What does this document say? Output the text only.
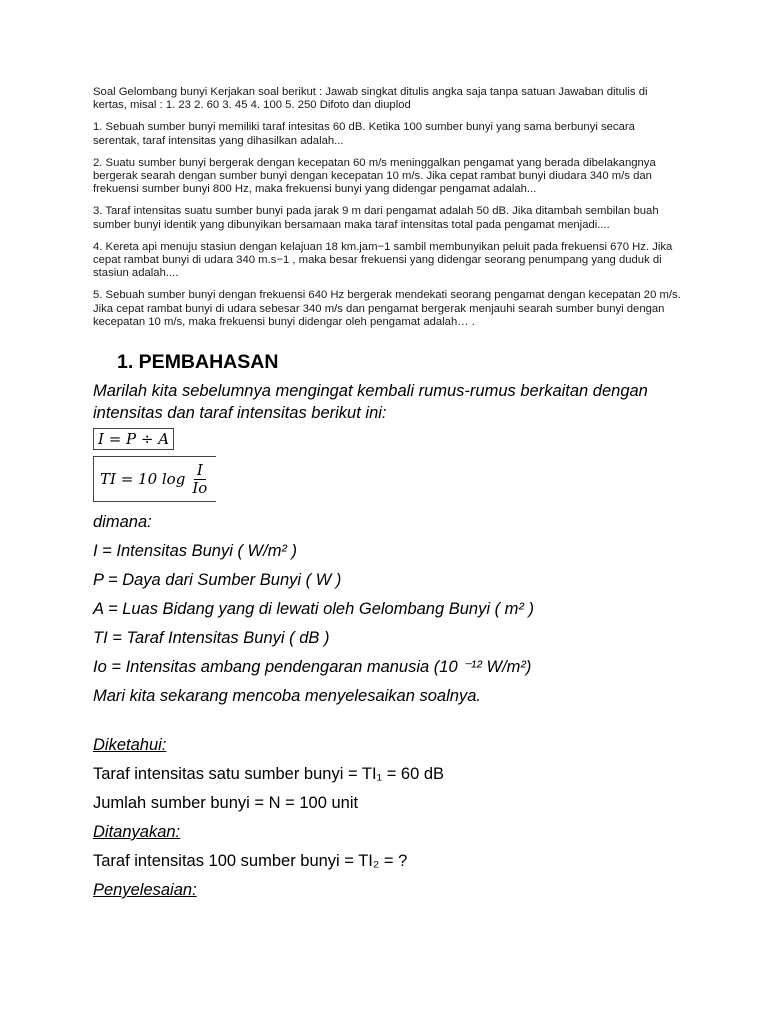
Soal Gelombang bunyi Kerjakan soal berikut : Jawab singkat ditulis angka saja tanpa satuan Jawaban ditulis di kertas, misal : 1. 23 2. 60 3. 45 4. 100 5. 250 Difoto dan diuplod

1. Sebuah sumber bunyi memiliki taraf intesitas 60 dB. Ketika 100 sumber bunyi yang sama berbunyi secara serentak, taraf intensitas yang dihasilkan adalah...

2. Suatu sumber bunyi bergerak dengan kecepatan 60 m/s meninggalkan pengamat yang berada dibelakangnya bergerak searah dengan sumber bunyi dengan kecepatan 10 m/s. Jika cepat rambat bunyi diudara 340 m/s dan frekuensi sumber bunyi 800 Hz, maka frekuensi bunyi yang didengar pengamat adalah...

3. Taraf intensitas suatu sumber bunyi pada jarak 9 m dari pengamat adalah 50 dB. Jika ditambah sembilan buah sumber bunyi identik yang dibunyikan bersamaan maka taraf intensitas total pada pengamat menjadi....

4. Kereta api menuju stasiun dengan kelajuan 18 km.jam−1 sambil membunyikan peluit pada frekuensi 670 Hz. Jika cepat rambat bunyi di udara 340 m.s−1 , maka besar frekuensi yang didengar seorang penumpang yang duduk di stasiun adalah....

5. Sebuah sumber bunyi dengan frekuensi 640 Hz bergerak mendekati seorang pengamat dengan kecepatan 20 m/s. Jika cepat rambat bunyi di udara sebesar 340 m/s dan pengamat bergerak menjauhi searah sumber bunyi dengan kecepatan 10 m/s, maka frekuensi bunyi didengar oleh pengamat adalah… .

1. PEMBAHASAN

Marilah kita sebelumnya mengingat kembali rumus-rumus berkaitan dengan intensitas dan taraf intensitas berikut ini:

I = P ÷ A
TI = 10 $\log \frac{I}{Io}$

dimana:

I = Intensitas Bunyi ( W/m² )

P = Daya dari Sumber Bunyi ( W )

A = Luas Bidang yang di lewati oleh Gelombang Bunyi ( m² )

TI = Taraf Intensitas Bunyi ( dB )

Io = Intensitas ambang pendengaran manusia (10 ⁻¹² W/m²)

Mari kita sekarang mencoba menyelesaikan soalnya.

Diketahui:

Taraf intensitas satu sumber bunyi = TI₁ = 60 dB

Jumlah sumber bunyi = N = 100 unit

Ditanyakan:

Taraf intensitas 100 sumber bunyi = TI₂ = ?

Penyelesaian:
